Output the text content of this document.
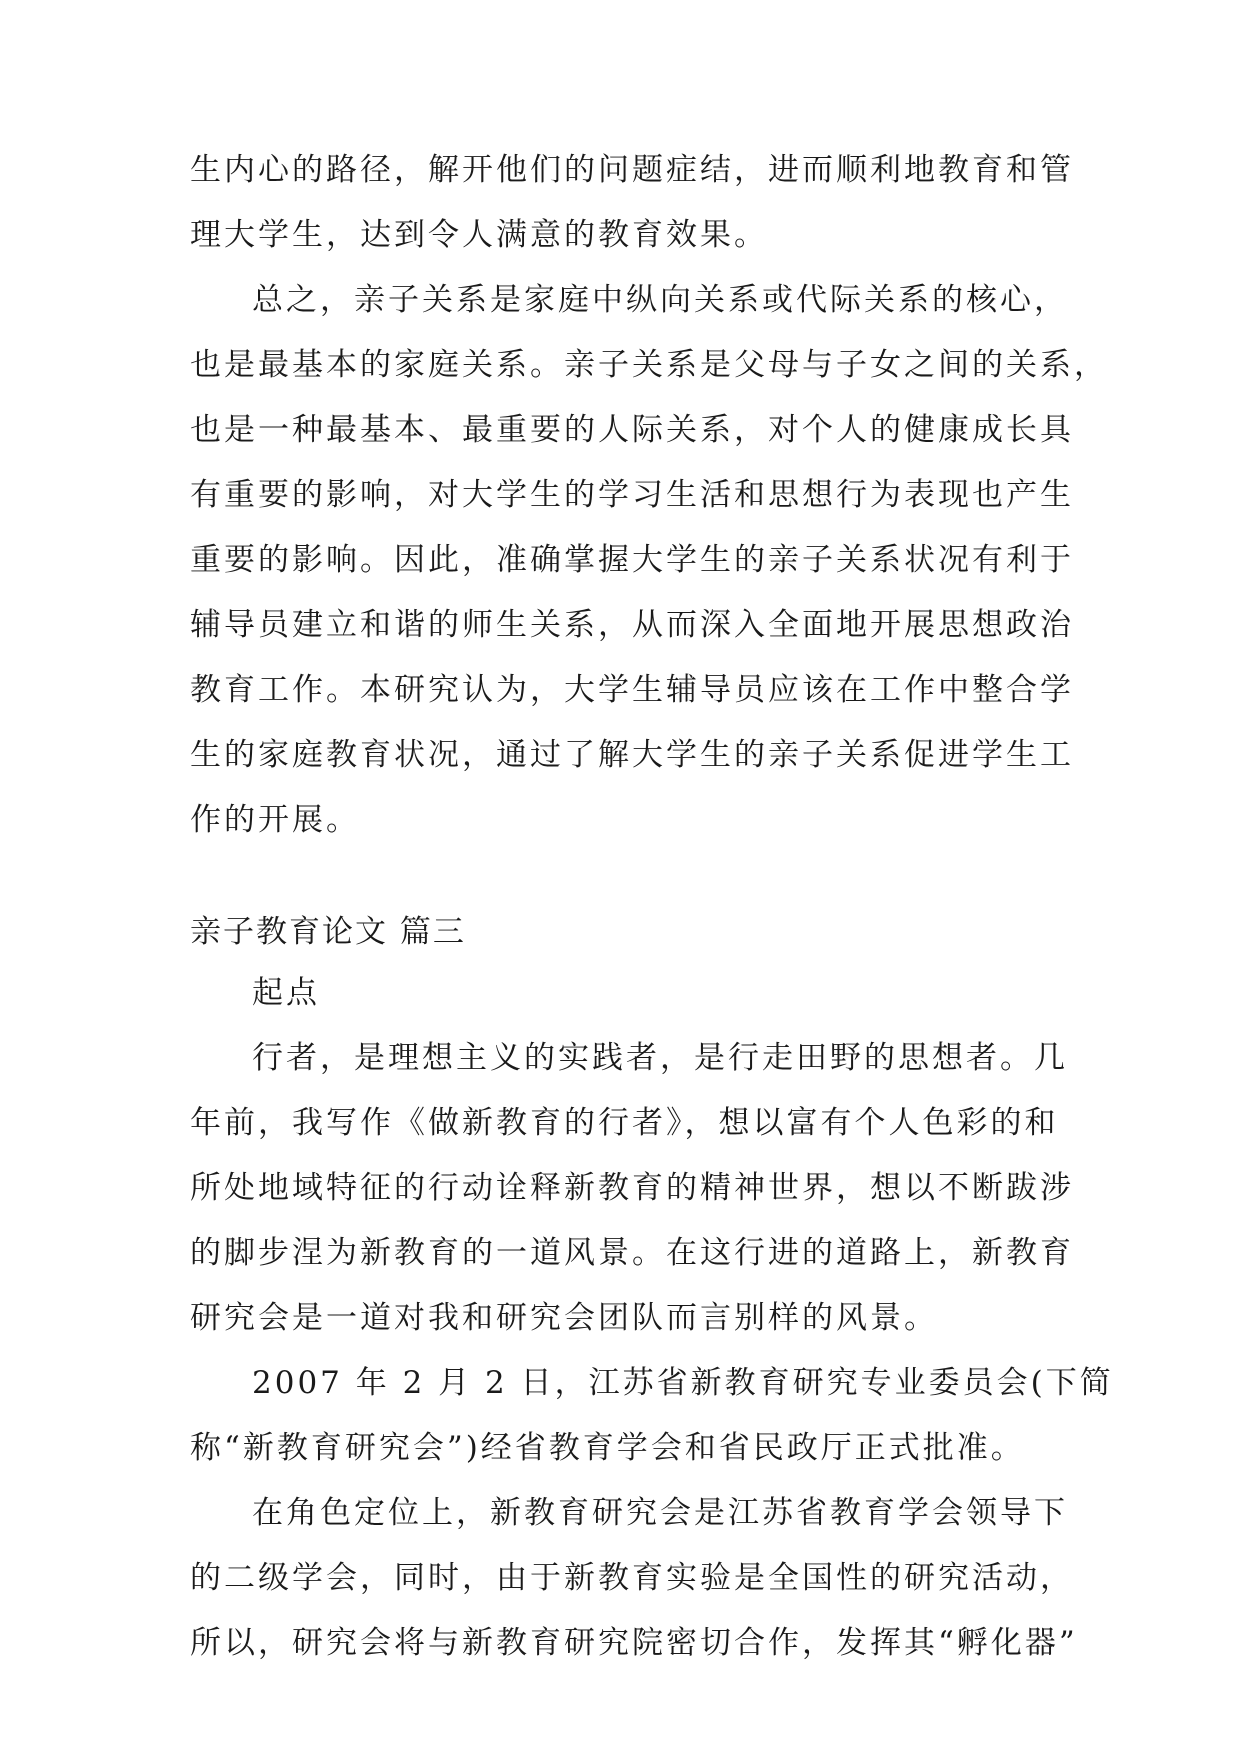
生内心的路径，解开他们的问题症结，进而顺利地教育和管
理大学生，达到令人满意的教育效果。
总之，亲子关系是家庭中纵向关系或代际关系的核心，
也是最基本的家庭关系。亲子关系是父母与子女之间的关系，
也是一种最基本、最重要的人际关系，对个人的健康成长具
有重要的影响，对大学生的学习生活和思想行为表现也产生
重要的影响。因此，准确掌握大学生的亲子关系状况有利于
辅导员建立和谐的师生关系，从而深入全面地开展思想政治
教育工作。本研究认为，大学生辅导员应该在工作中整合学
生的家庭教育状况，通过了解大学生的亲子关系促进学生工
作的开展。
亲子教育论文 篇三
起点
行者，是理想主义的实践者，是行走田野的思想者。几
年前，我写作《做新教育的行者》，想以富有个人色彩的和
所处地域特征的行动诠释新教育的精神世界，想以不断跋涉
的脚步涅为新教育的一道风景。在这行进的道路上，新教育
研究会是一道对我和研究会团队而言别样的风景。
2007 年 2 月 2 日，江苏省新教育研究专业委员会(下简
称“新教育研究会”)经省教育学会和省民政厅正式批准。
在角色定位上，新教育研究会是江苏省教育学会领导下
的二级学会，同时，由于新教育实验是全国性的研究活动，
所以，研究会将与新教育研究院密切合作，发挥其“孵化器”
